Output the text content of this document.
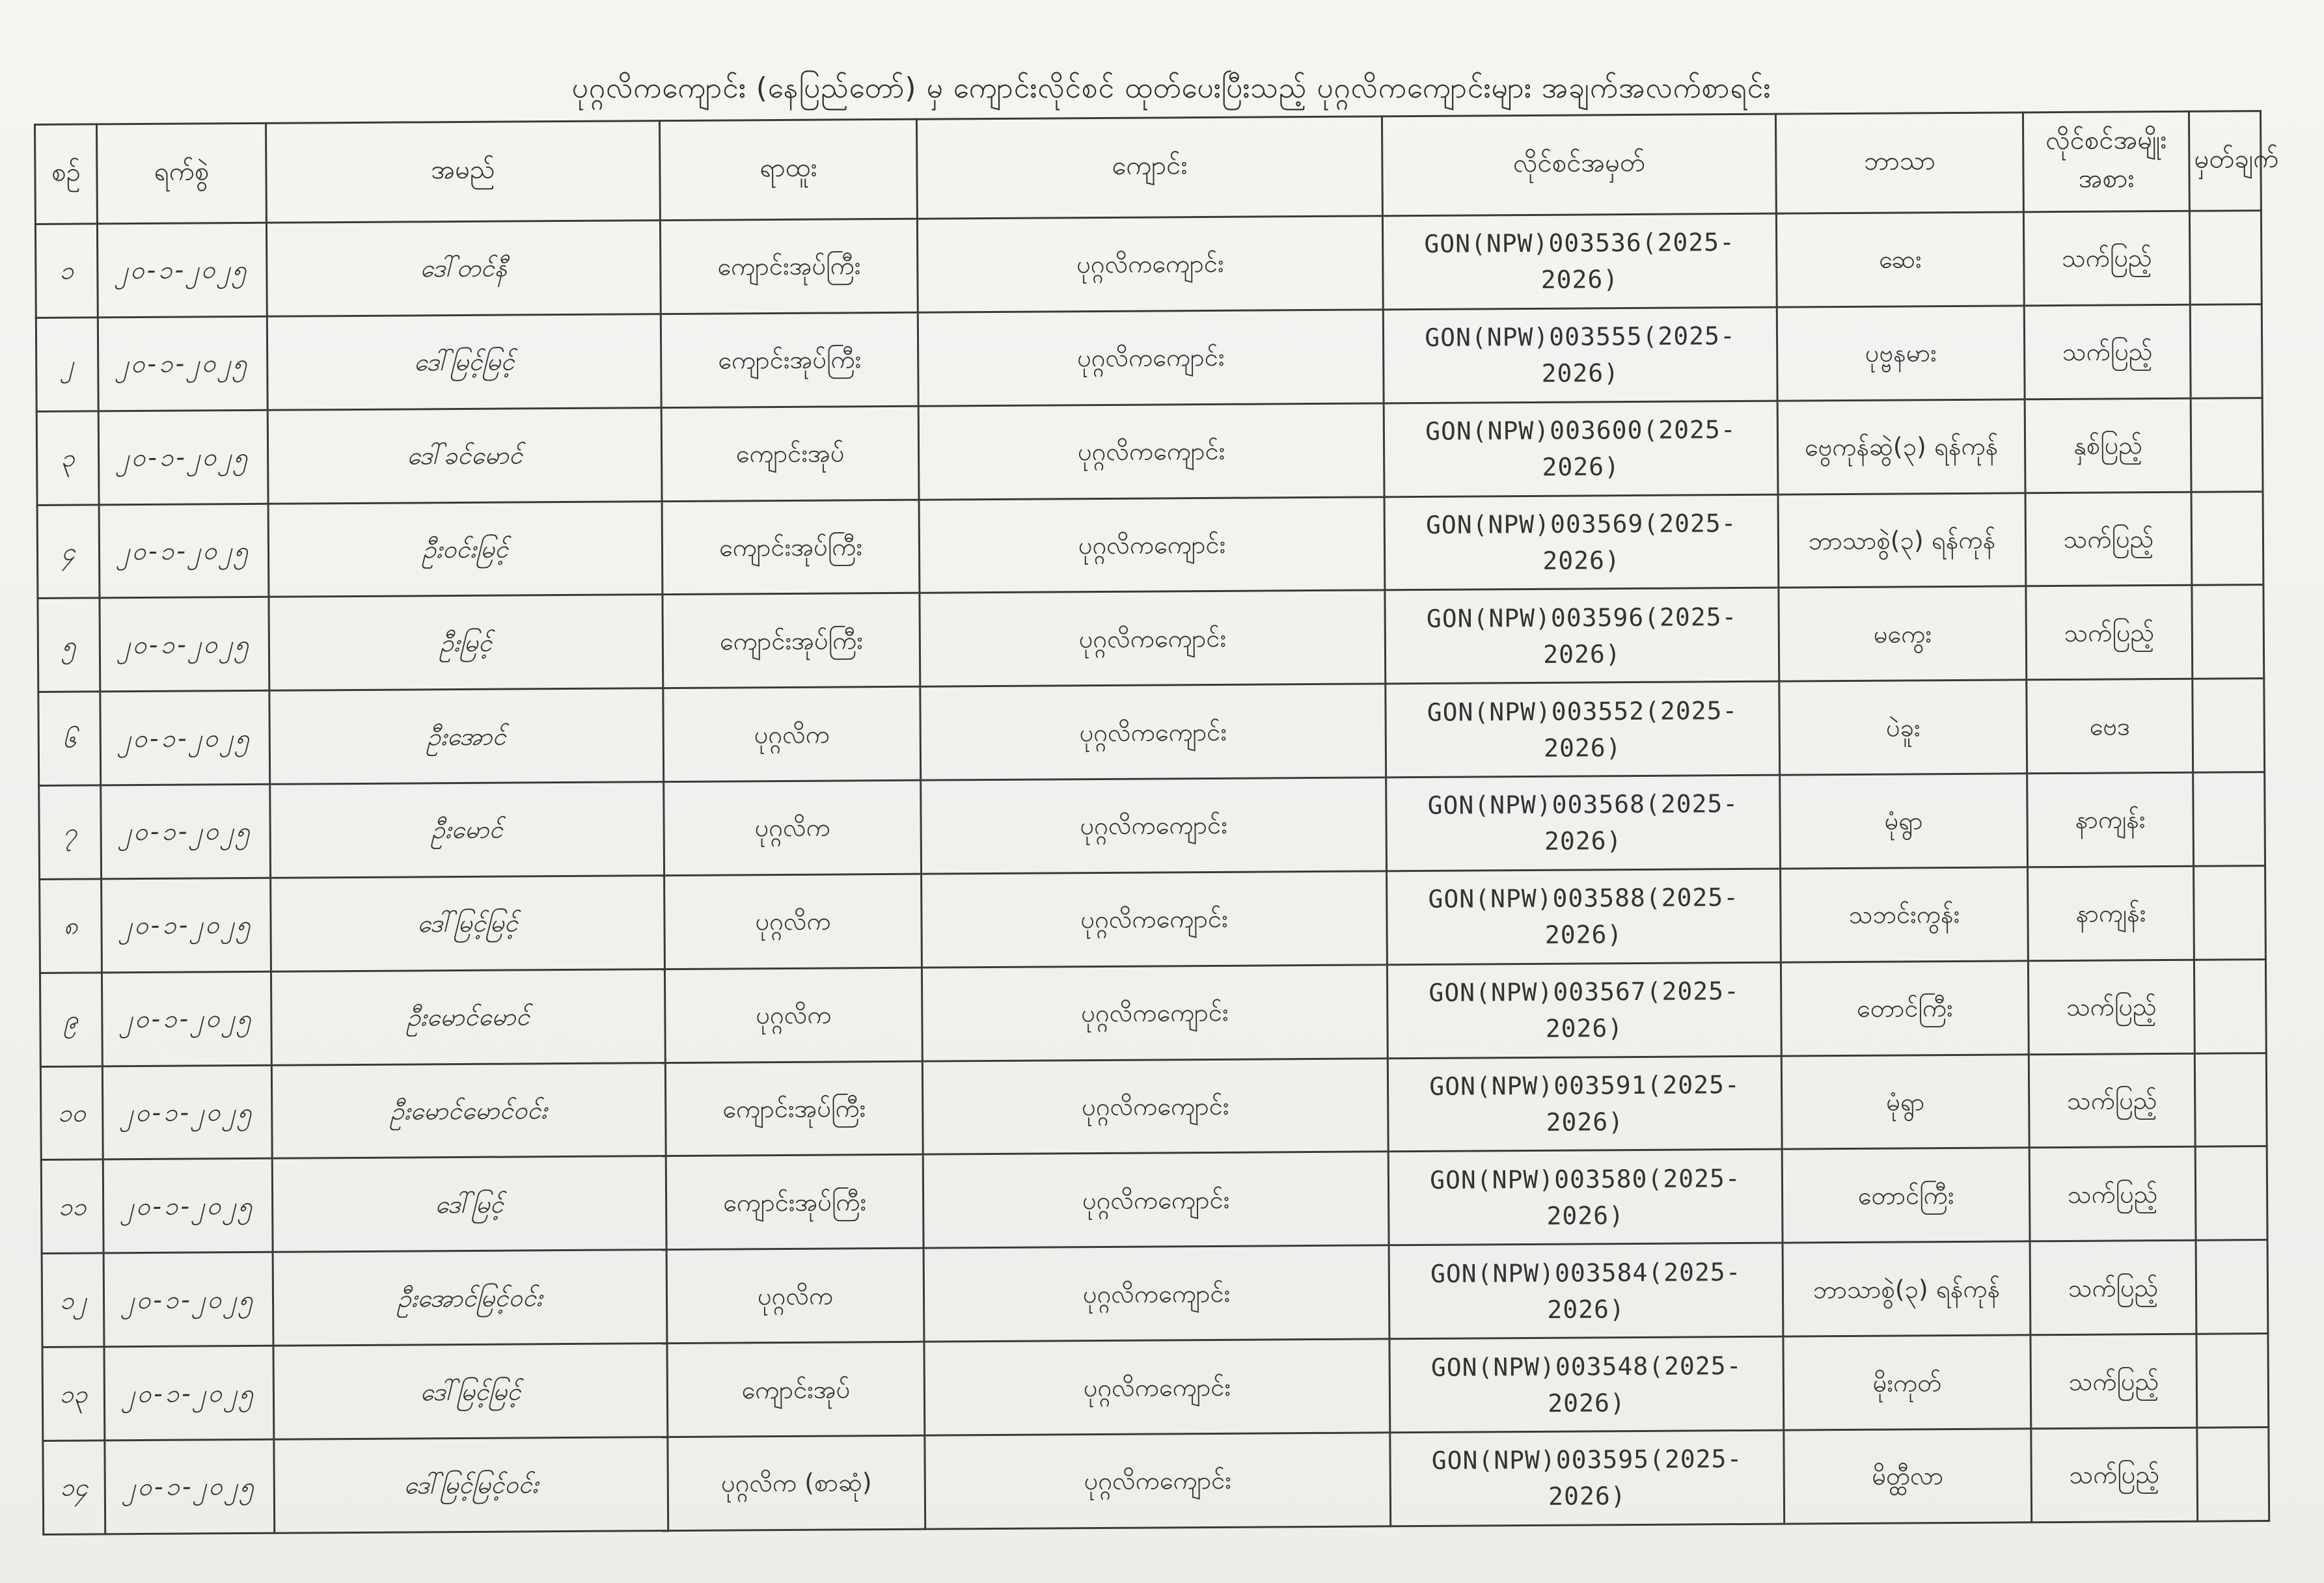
ပုဂ္ဂလိကကျောင်း (နေပြည်တော်) မှ ကျောင်းလိုင်စင် ထုတ်ပေးပြီးသည့် ပုဂ္ဂလိကကျောင်းများ အချက်အလက်စာရင်း
စဉ်	ရက်စွဲ	အမည်	ရာထူး	ကျောင်း	လိုင်စင်အမှတ်	ဘာသာ	လိုင်စင်အမျိုးအစား	မှတ်ချက်
၁	၂၀-၁-၂၀၂၅	ဒေါ်တင်နီ	ကျောင်းအုပ်ကြီး	ပုဂ္ဂလိကကျောင်း	GON(NPW)003536(2025-2026)	ဆေး	သက်ပြည့်	
၂	၂၀-၁-၂၀၂၅	ဒေါ်မြင့်မြင့်	ကျောင်းအုပ်ကြီး	ပုဂ္ဂလိကကျောင်း	GON(NPW)003555(2025-2026)	ပုဗ္ဗနမား	သက်ပြည့်	
၃	၂၀-၁-၂၀၂၅	ဒေါ်ခင်မောင်	ကျောင်းအုပ်	ပုဂ္ဂလိကကျောင်း	GON(NPW)003600(2025-2026)	ဗွေကုန်ဆွဲ(၃) ရန်ကုန်	နှစ်ပြည့်	
၄	၂၀-၁-၂၀၂၅	ဦးဝင်းမြင့်	ကျောင်းအုပ်ကြီး	ပုဂ္ဂလိကကျောင်း	GON(NPW)003569(2025-2026)	ဘာသာစွဲ(၃) ရန်ကုန်	သက်ပြည့်	
၅	၂၀-၁-၂၀၂၅	ဦးမြင့်	ကျောင်းအုပ်ကြီး	ပုဂ္ဂလိကကျောင်း	GON(NPW)003596(2025-2026)	မကွေး	သက်ပြည့်	
၆	၂၀-၁-၂၀၂၅	ဦးအောင်	ပုဂ္ဂလိက	ပုဂ္ဂလိကကျောင်း	GON(NPW)003552(2025-2026)	ပဲခူး	ဗေဒ	
၇	၂၀-၁-၂၀၂၅	ဦးမောင်	ပုဂ္ဂလိက	ပုဂ္ဂလိကကျောင်း	GON(NPW)003568(2025-2026)	မုံရွာ	နာကျန်း	
၈	၂၀-၁-၂၀၂၅	ဒေါ်မြင့်မြင့်	ပုဂ္ဂလိက	ပုဂ္ဂလိကကျောင်း	GON(NPW)003588(2025-2026)	သဘင်းကွန်း	နာကျန်း	
၉	၂၀-၁-၂၀၂၅	ဦးမောင်မောင်	ပုဂ္ဂလိက	ပုဂ္ဂလိကကျောင်း	GON(NPW)003567(2025-2026)	တောင်ကြီး	သက်ပြည့်	
၁၀	၂၀-၁-၂၀၂၅	ဦးမောင်မောင်ဝင်း	ကျောင်းအုပ်ကြီး	ပုဂ္ဂလိကကျောင်း	GON(NPW)003591(2025-2026)	မုံရွာ	သက်ပြည့်	
၁၁	၂၀-၁-၂၀၂၅	ဒေါ်မြင့်	ကျောင်းအုပ်ကြီး	ပုဂ္ဂလိကကျောင်း	GON(NPW)003580(2025-2026)	တောင်ကြီး	သက်ပြည့်	
၁၂	၂၀-၁-၂၀၂၅	ဦးအောင်မြင့်ဝင်း	ပုဂ္ဂလိက	ပုဂ္ဂလိကကျောင်း	GON(NPW)003584(2025-2026)	ဘာသာစွဲ(၃) ရန်ကုန်	သက်ပြည့်	
၁၃	၂၀-၁-၂၀၂၅	ဒေါ်မြင့်မြင့်	ကျောင်းအုပ်	ပုဂ္ဂလိကကျောင်း	GON(NPW)003548(2025-2026)	မိုးကုတ်	သက်ပြည့်	
၁၄	၂၀-၁-၂၀၂၅	ဒေါ်မြင့်မြင့်ဝင်း	ပုဂ္ဂလိက (စာဆုံ)	ပုဂ္ဂလိကကျောင်း	GON(NPW)003595(2025-2026)	မိတ္ထီလာ	သက်ပြည့်	
